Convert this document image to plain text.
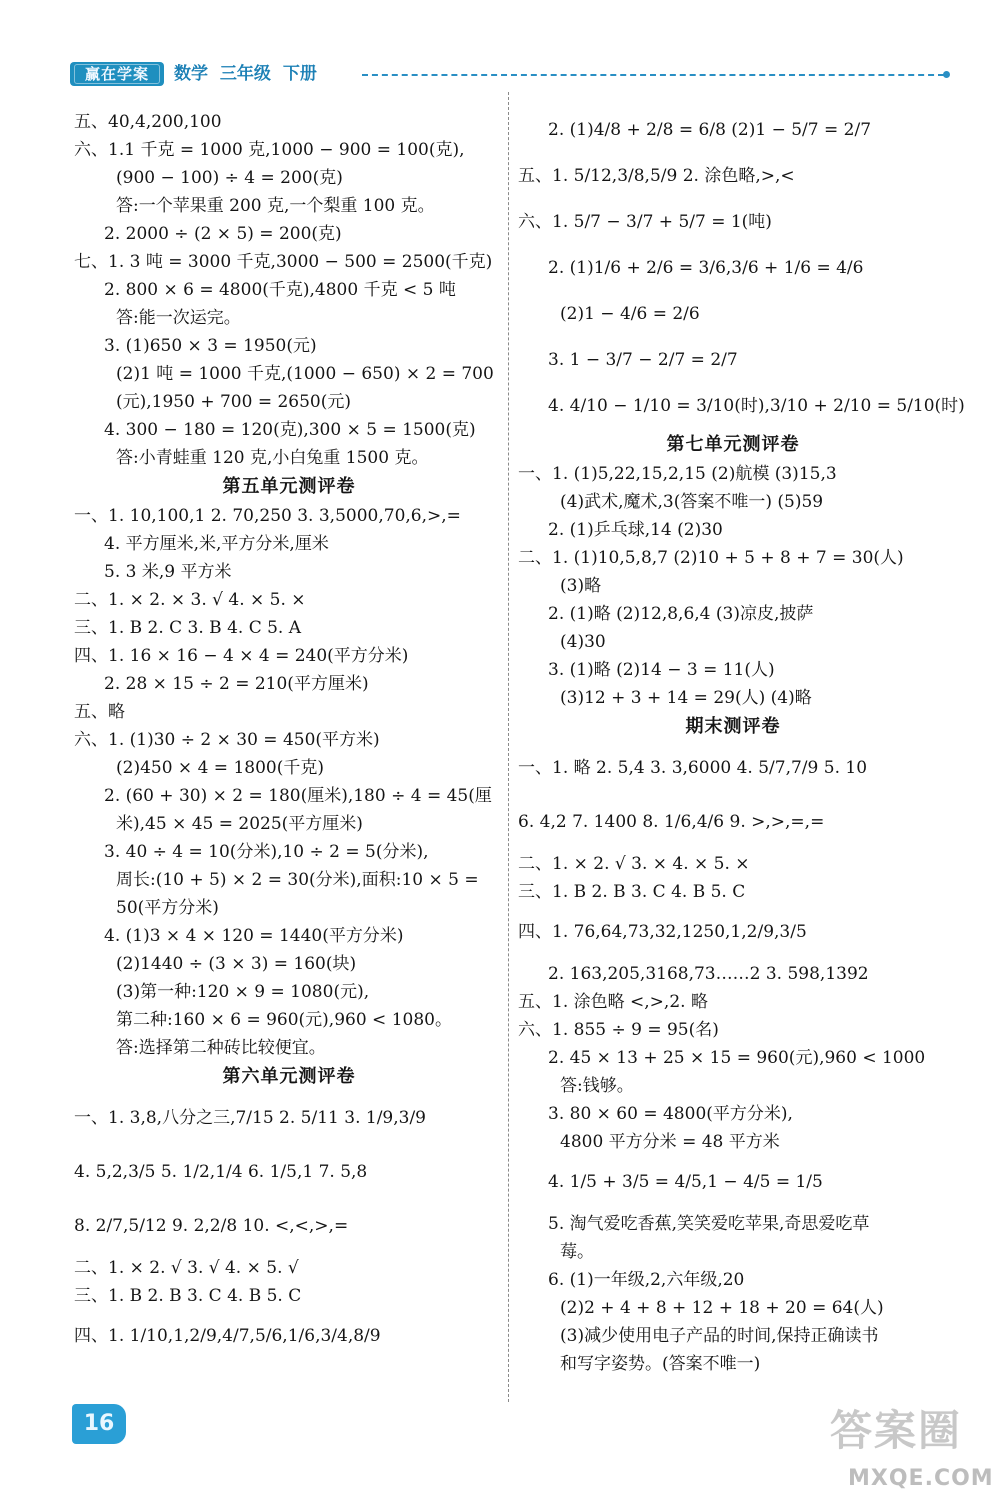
赢在学案	数学 三年级 下册
五、40,4,200,100
六、1.1 千克 = 1000 克,1000 − 900 = 100(克),
(900 − 100) ÷ 4 = 200(克)
答:一个苹果重 200 克,一个梨重 100 克。
2. 2000 ÷ (2 × 5) = 200(克)
七、1. 3 吨 = 3000 千克,3000 − 500 = 2500(千克)
2. 800 × 6 = 4800(千克),4800 千克 < 5 吨
答:能一次运完。
3. (1)650 × 3 = 1950(元)
(2)1 吨 = 1000 千克,(1000 − 650) × 2 = 700
(元),1950 + 700 = 2650(元)
4. 300 − 180 = 120(克),300 × 5 = 1500(克)
答:小青蛙重 120 克,小白兔重 1500 克。
第五单元测评卷
一、1. 10,100,1 2. 70,250 3. 3,5000,70,6,>,=
4. 平方厘米,米,平方分米,厘米
5. 3 米,9 平方米
二、1. × 2. × 3. √ 4. × 5. ×
三、1. B 2. C 3. B 4. C 5. A
四、1. 16 × 16 − 4 × 4 = 240(平方分米)
2. 28 × 15 ÷ 2 = 210(平方厘米)
五、略
六、1. (1)30 ÷ 2 × 30 = 450(平方米)
(2)450 × 4 = 1800(千克)
2. (60 + 30) × 2 = 180(厘米),180 ÷ 4 = 45(厘
米),45 × 45 = 2025(平方厘米)
3. 40 ÷ 4 = 10(分米),10 ÷ 2 = 5(分米),
周长:(10 + 5) × 2 = 30(分米),面积:10 × 5 =
50(平方分米)
4. (1)3 × 4 × 120 = 1440(平方分米)
(2)1440 ÷ (3 × 3) = 160(块)
(3)第一种:120 × 9 = 1080(元),
第二种:160 × 6 = 960(元),960 < 1080。
答:选择第二种砖比较便宜。
第六单元测评卷
一、1. 3,8,八分之三,7/15 2. 5/11 3. 1/9,3/9
4. 5,2,3/5 5. 1/2,1/4 6. 1/5,1 7. 5,8
8. 2/7,5/12 9. 2,2/8 10. <,<,>,=
二、1. × 2. √ 3. √ 4. × 5. √
三、1. B 2. B 3. C 4. B 5. C
四、1. 1/10,1,2/9,4/7,5/6,1/6,3/4,8/9
2. (1)4/8 + 2/8 = 6/8 (2)1 − 5/7 = 2/7
五、1. 5/12,3/8,5/9 2. 涂色略,>,<
六、1. 5/7 − 3/7 + 5/7 = 1(吨)
2. (1)1/6 + 2/6 = 3/6,3/6 + 1/6 = 4/6
(2)1 − 4/6 = 2/6
3. 1 − 3/7 − 2/7 = 2/7
4. 4/10 − 1/10 = 3/10(时),3/10 + 2/10 = 5/10(时)
第七单元测评卷
一、1. (1)5,22,15,2,15 (2)航模 (3)15,3
(4)武术,魔术,3(答案不唯一) (5)59
2. (1)乒乓球,14 (2)30
二、1. (1)10,5,8,7 (2)10 + 5 + 8 + 7 = 30(人)
(3)略
2. (1)略 (2)12,8,6,4 (3)凉皮,披萨
(4)30
3. (1)略 (2)14 − 3 = 11(人)
(3)12 + 3 + 14 = 29(人) (4)略
期末测评卷
一、1. 略 2. 5,4 3. 3,6000 4. 5/7,7/9 5. 10
6. 4,2 7. 1400 8. 1/6,4/6 9. >,>,=,=
二、1. × 2. √ 3. × 4. × 5. ×
三、1. B 2. B 3. C 4. B 5. C
四、1. 76,64,73,32,1250,1,2/9,3/5
2. 163,205,3168,73……2 3. 598,1392
五、1. 涂色略 <,>,2. 略
六、1. 855 ÷ 9 = 95(名)
2. 45 × 13 + 25 × 15 = 960(元),960 < 1000
答:钱够。
3. 80 × 60 = 4800(平方分米),
4800 平方分米 = 48 平方米
4. 1/5 + 3/5 = 4/5,1 − 4/5 = 1/5
5. 淘气爱吃香蕉,笑笑爱吃苹果,奇思爱吃草
莓。
6. (1)一年级,2,六年级,20
(2)2 + 4 + 8 + 12 + 18 + 20 = 64(人)
(3)减少使用电子产品的时间,保持正确读书
和写字姿势。(答案不唯一)
16	答案圈
MXQE.COM
